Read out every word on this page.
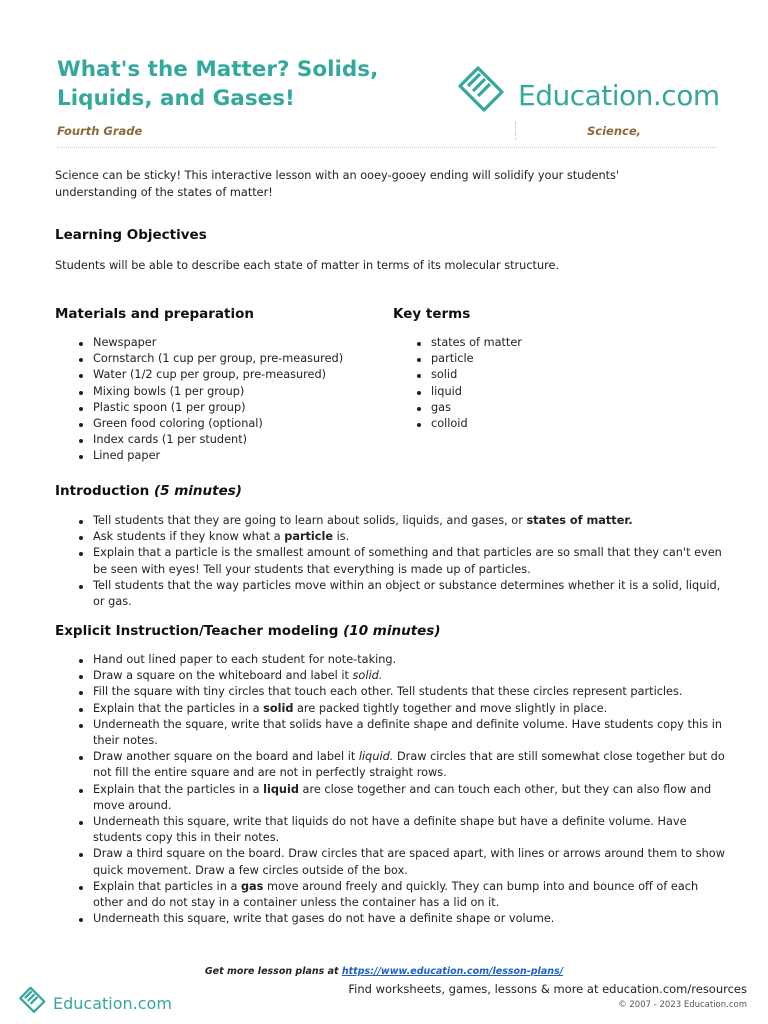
What's the Matter? Solids, Liquids, and Gases!	Education.com
Fourth Grade	Science,
Science can be sticky! This interactive lesson with an ooey-gooey ending will solidify your students' understanding of the states of matter!
Learning Objectives
Students will be able to describe each state of matter in terms of its molecular structure.
Materials and preparation
Newspaper
Cornstarch (1 cup per group, pre-measured)
Water (1/2 cup per group, pre-measured)
Mixing bowls (1 per group)
Plastic spoon (1 per group)
Green food coloring (optional)
Index cards (1 per student)
Lined paper
Key terms
states of matter
particle
solid
liquid
gas
colloid
Introduction (5 minutes)
Tell students that they are going to learn about solids, liquids, and gases, or states of matter.
Ask students if they know what a particle is.
Explain that a particle is the smallest amount of something and that particles are so small that they can't even be seen with eyes! Tell your students that everything is made up of particles.
Tell students that the way particles move within an object or substance determines whether it is a solid, liquid, or gas.
Explicit Instruction/Teacher modeling (10 minutes)
Hand out lined paper to each student for note-taking.
Draw a square on the whiteboard and label it solid.
Fill the square with tiny circles that touch each other. Tell students that these circles represent particles.
Explain that the particles in a solid are packed tightly together and move slightly in place.
Underneath the square, write that solids have a definite shape and definite volume. Have students copy this in their notes.
Draw another square on the board and label it liquid. Draw circles that are still somewhat close together but do not fill the entire square and are not in perfectly straight rows.
Explain that the particles in a liquid are close together and can touch each other, but they can also flow and move around.
Underneath this square, write that liquids do not have a definite shape but have a definite volume. Have students copy this in their notes.
Draw a third square on the board. Draw circles that are spaced apart, with lines or arrows around them to show quick movement. Draw a few circles outside of the box.
Explain that particles in a gas move around freely and quickly. They can bump into and bounce off of each other and do not stay in a container unless the container has a lid on it.
Underneath this square, write that gases do not have a definite shape or volume.
Get more lesson plans at https://www.education.com/lesson-plans/
Education.com
Find worksheets, games, lessons & more at education.com/resources
© 2007 - 2023 Education.com
